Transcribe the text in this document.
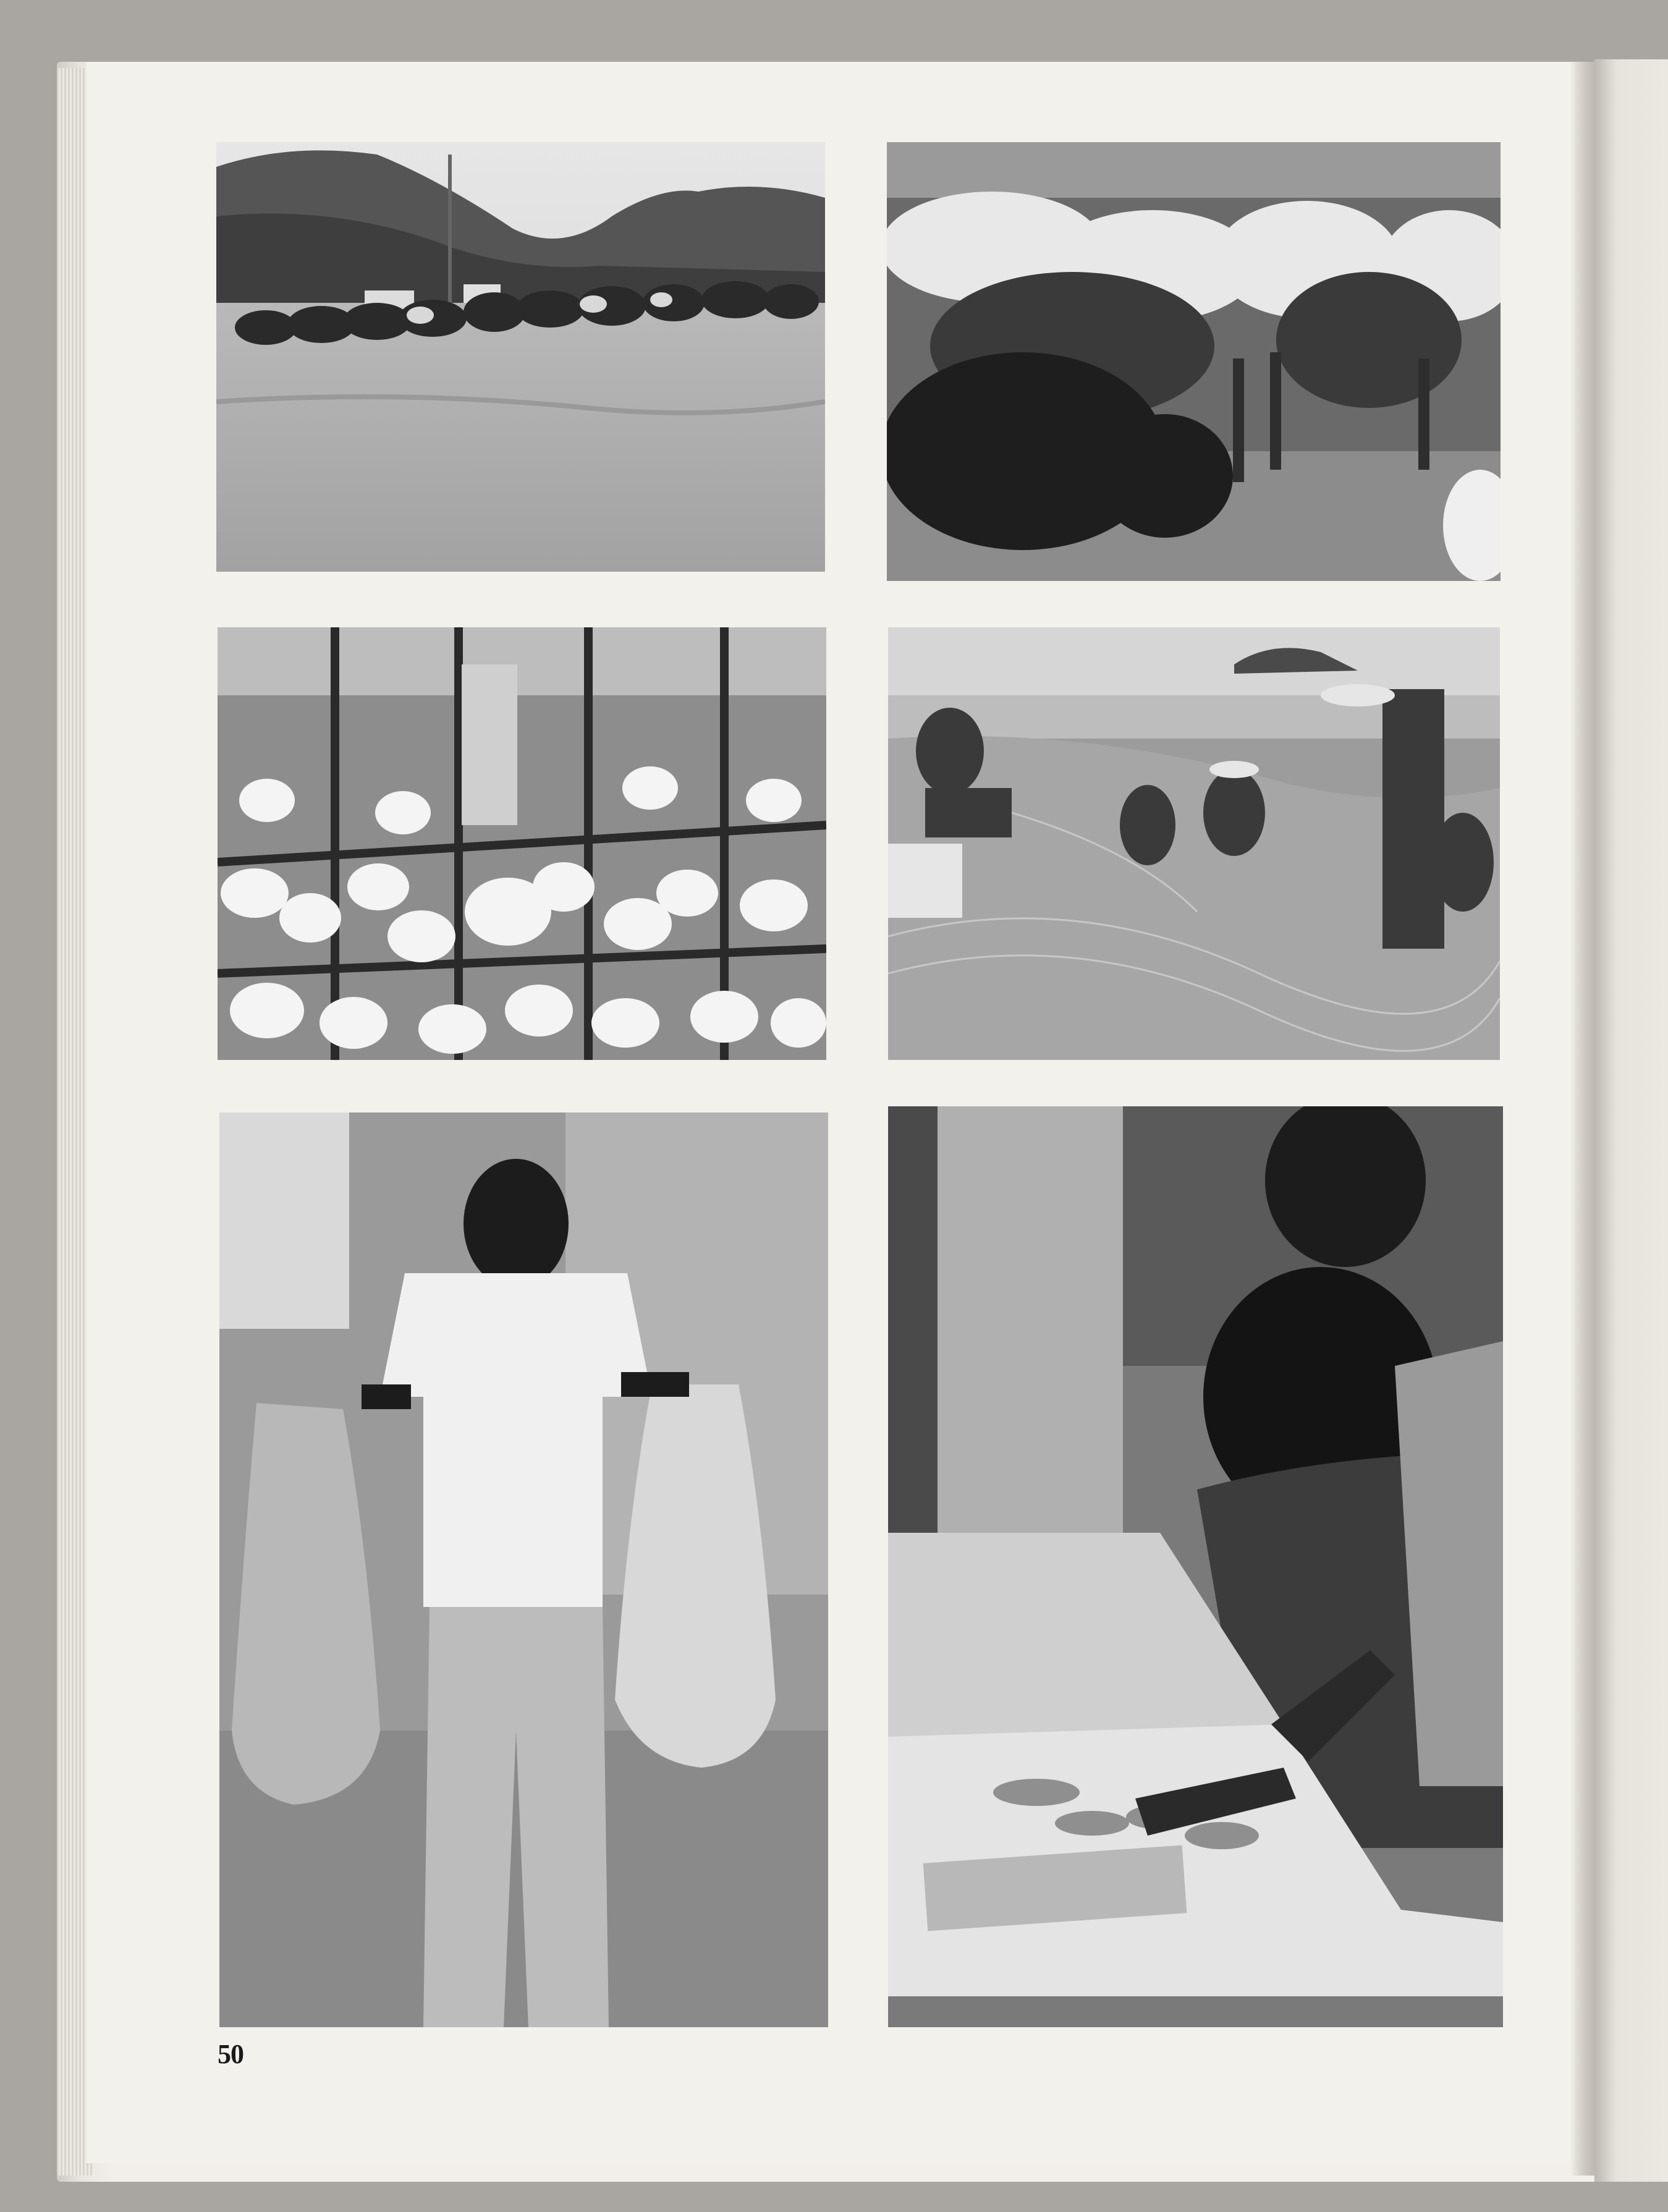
50
